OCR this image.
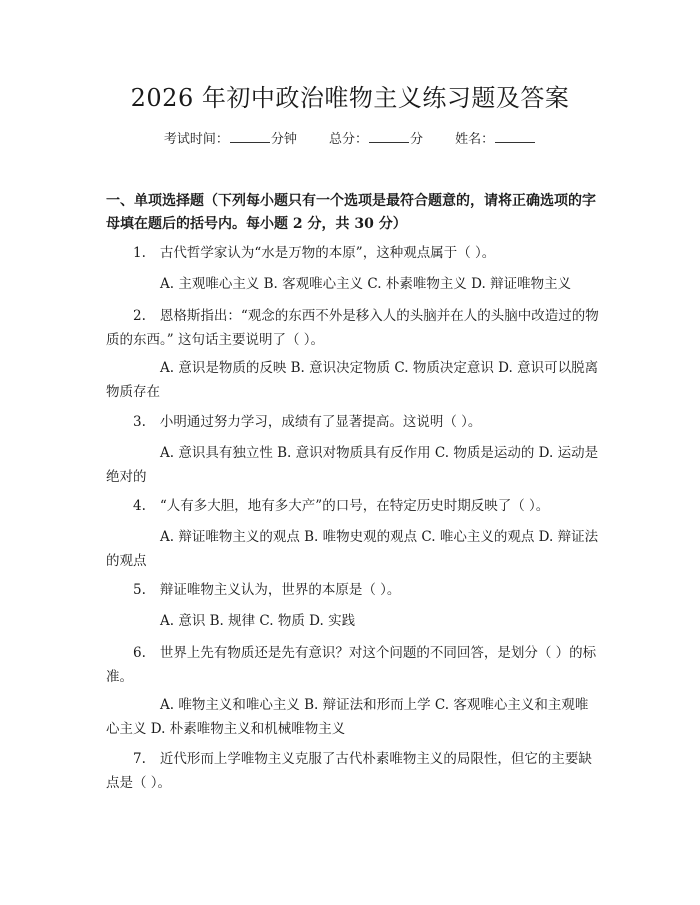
2026 年初中政治唯物主义练习题及答案
考试时间：	分钟 总分：	分 姓名：
一、单项选择题（下列每小题只有一个选项是最符合题意的，请将正确选项的字母填在题后的括号内。每小题 2 分，共 30 分）
1. 古代哲学家认为“水是万物的本原”，这种观点属于（ ）。
A. 主观唯心主义 B. 客观唯心主义 C. 朴素唯物主义 D. 辩证唯物主义
2. 恩格斯指出：“观念的东西不外是移入人的头脑并在人的头脑中改造过的物质的东西。” 这句话主要说明了（ ）。
A. 意识是物质的反映 B. 意识决定物质 C. 物质决定意识 D. 意识可以脱离物质存在
3. 小明通过努力学习，成绩有了显著提高。这说明（ ）。
A. 意识具有独立性 B. 意识对物质具有反作用 C. 物质是运动的 D. 运动是绝对的
4. “人有多大胆，地有多大产”的口号，在特定历史时期反映了（ ）。
A. 辩证唯物主义的观点 B. 唯物史观的观点 C. 唯心主义的观点 D. 辩证法的观点
5. 辩证唯物主义认为，世界的本原是（ ）。
A. 意识 B. 规律 C. 物质 D. 实践
6. 世界上先有物质还是先有意识？对这个问题的不同回答，是划分（ ）的标准。
A. 唯物主义和唯心主义 B. 辩证法和形而上学 C. 客观唯心主义和主观唯心主义 D. 朴素唯物主义和机械唯物主义
7. 近代形而上学唯物主义克服了古代朴素唯物主义的局限性，但它的主要缺点是（ ）。
